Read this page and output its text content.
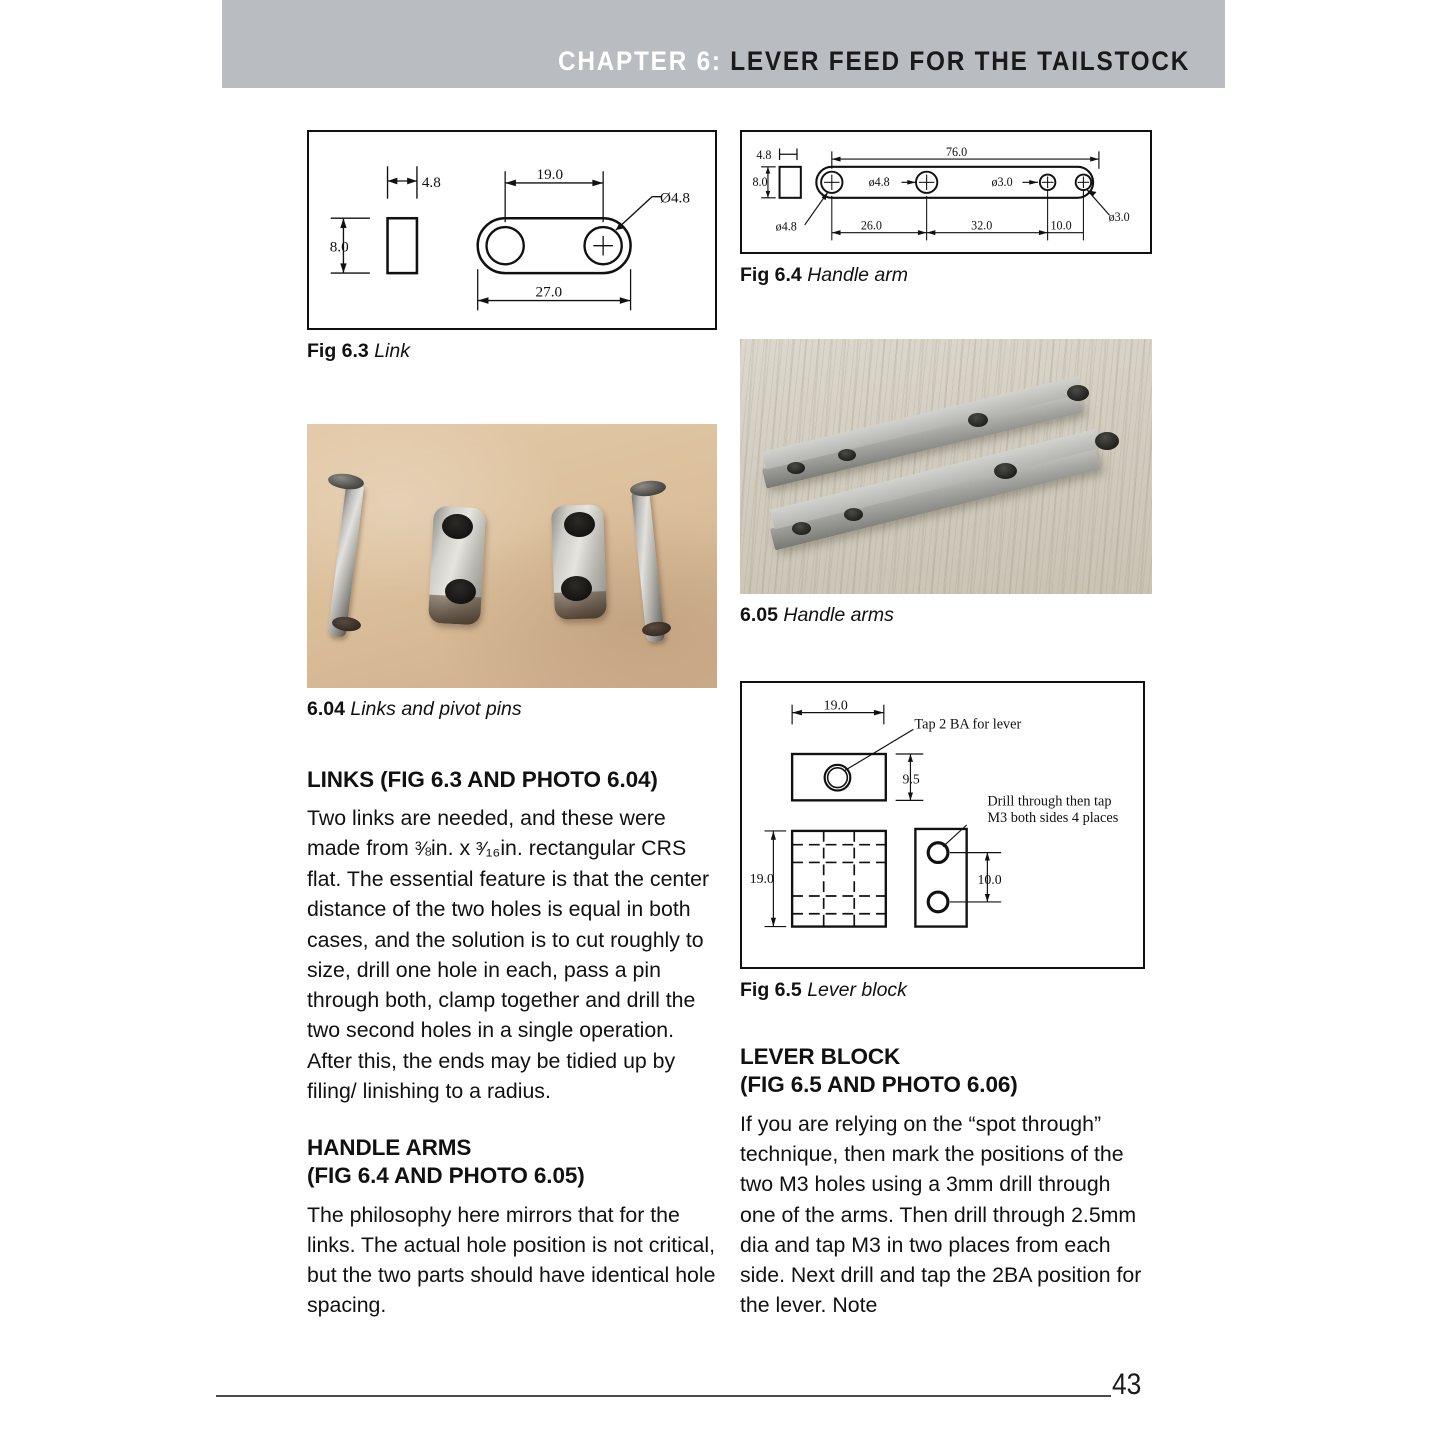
CHAPTER 6: LEVER FEED FOR THE TAILSTOCK
4.8
8.0
19.0
Ø4.8
27.0
Fig 6.3 Link
6.04 Links and pivot pins
LINKS (FIG 6.3 AND PHOTO 6.04)

Two links are needed, and these were made from ⅜in. x ³⁄₁₆in. rectangular CRS flat. The essential feature is that the center distance of the two holes is equal in both cases, and the solution is to cut roughly to size, drill one hole in each, pass a pin through both, clamp together and drill the two second holes in a single operation. After this, the ends may be tidied up by filing/ linishing to a radius.

HANDLE ARMS
(FIG 6.4 AND PHOTO 6.05)

The philosophy here mirrors that for the links. The actual hole position is not critical, but the two parts should have identical hole spacing.

4.8
8.0
76.0
ø4.8
ø4.8
ø3.0
ø3.0
26.0	32.0	10.0
Fig 6.4 Handle arm
6.05 Handle arms
19.0
Tap 2 BA for lever
9.5
19.0
Drill through then tap
M3 both sides 4 places
10.0
Fig 6.5 Lever block
LEVER BLOCK
(FIG 6.5 AND PHOTO 6.06)

If you are relying on the “spot through” technique, then mark the positions of the two M3 holes using a 3mm drill through one of the arms. Then drill through 2.5mm dia and tap M3 in two places from each side. Next drill and tap the 2BA position for the lever. Note

43
